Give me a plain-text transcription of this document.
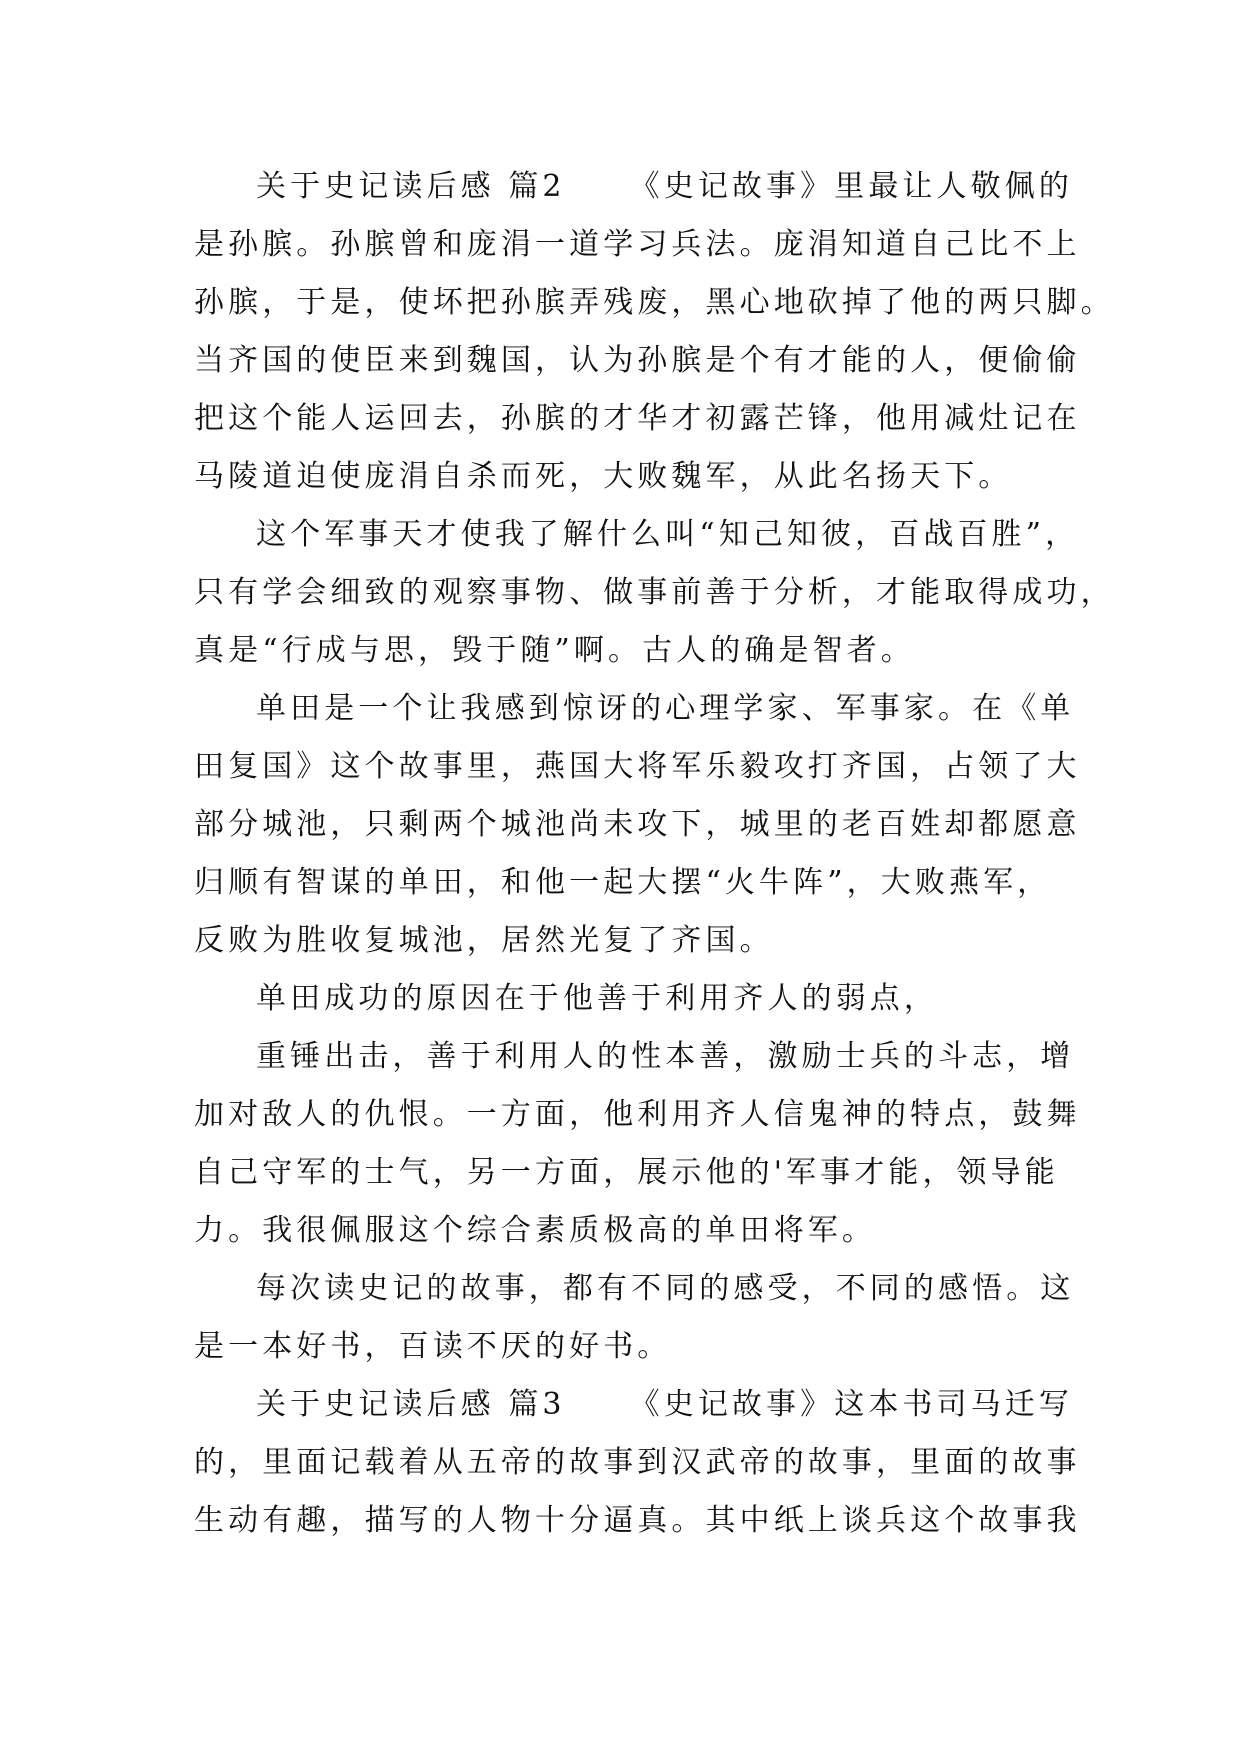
关于史记读后感 篇2 《史记故事》里最让人敬佩的

是孙膑。孙膑曾和庞涓一道学习兵法。庞涓知道自己比不上

孙膑，于是，使坏把孙膑弄残废，黑心地砍掉了他的两只脚。

当齐国的使臣来到魏国，认为孙膑是个有才能的人，便偷偷

把这个能人运回去，孙膑的才华才初露芒锋，他用减灶记在

马陵道迫使庞涓自杀而死，大败魏军，从此名扬天下。

这个军事天才使我了解什么叫“知己知彼，百战百胜”，

只有学会细致的观察事物、做事前善于分析，才能取得成功，

真是“行成与思，毁于随”啊。古人的确是智者。

单田是一个让我感到惊讶的心理学家、军事家。在《单

田复国》这个故事里，燕国大将军乐毅攻打齐国，占领了大

部分城池，只剩两个城池尚未攻下，城里的老百姓却都愿意

归顺有智谋的单田，和他一起大摆“火牛阵”，大败燕军，

反败为胜收复城池，居然光复了齐国。

单田成功的原因在于他善于利用齐人的弱点，

重锤出击，善于利用人的性本善，激励士兵的斗志，增

加对敌人的仇恨。一方面，他利用齐人信鬼神的特点，鼓舞

自己守军的士气，另一方面，展示他的'军事才能，领导能

力。我很佩服这个综合素质极高的单田将军。

每次读史记的故事，都有不同的感受，不同的感悟。这

是一本好书，百读不厌的好书。

关于史记读后感 篇3 《史记故事》这本书司马迁写

的，里面记载着从五帝的故事到汉武帝的故事，里面的故事

生动有趣，描写的人物十分逼真。其中纸上谈兵这个故事我
